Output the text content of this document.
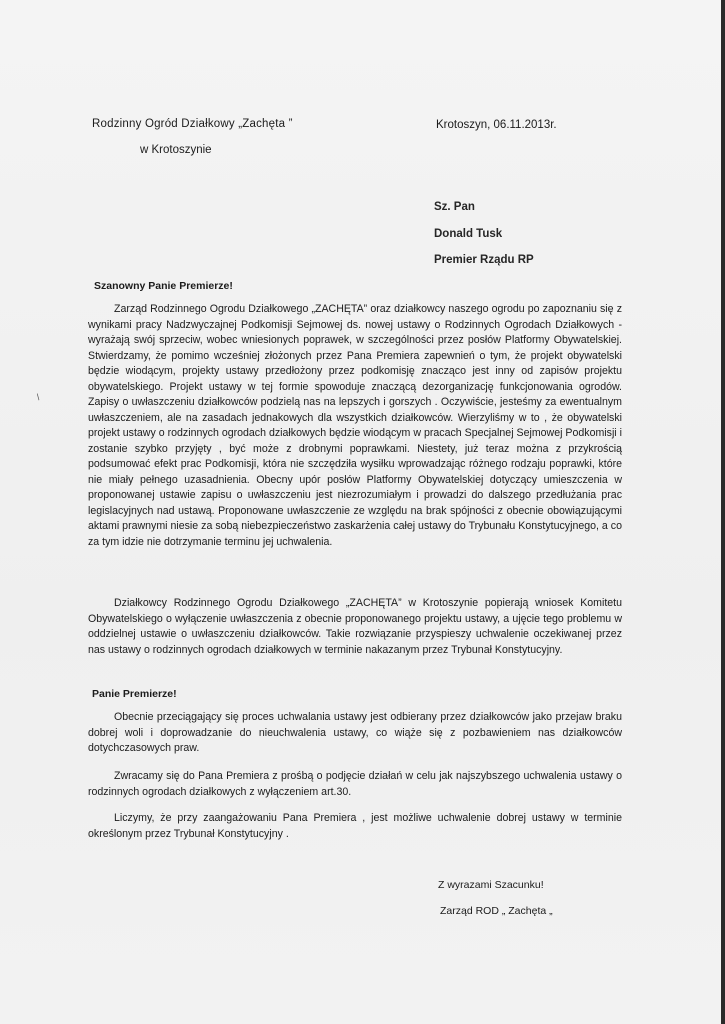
Rodzinny Ogród Działkowy „Zachęta ”
w Krotoszynie
Krotoszyn, 06.11.2013r.
Sz. Pan
Donald Tusk
Premier Rządu RP
Szanowny Panie Premierze!
Zarząd Rodzinnego Ogrodu Działkowego „ZACHĘTA” oraz działkowcy naszego ogrodu po zapoznaniu się z wynikami pracy Nadzwyczajnej Podkomisji Sejmowej ds. nowej ustawy o Rodzinnych Ogrodach Działkowych - wyrażają swój sprzeciw, wobec wniesionych poprawek, w szczególności przez posłów Platformy Obywatelskiej. Stwierdzamy, że pomimo wcześniej złożonych przez Pana Premiera zapewnień o tym, że projekt obywatelski będzie wiodącym, projekty ustawy przedłożony przez podkomisję znacząco jest inny od zapisów projektu obywatelskiego. Projekt ustawy w tej formie spowoduje znaczącą dezorganizację funkcjonowania ogrodów. Zapisy o uwłaszczeniu działkowców podzielą nas na lepszych i gorszych . Oczywiście, jesteśmy za ewentualnym uwłaszczeniem, ale na zasadach jednakowych dla wszystkich działkowców. Wierzyliśmy w to , że obywatelski projekt ustawy o rodzinnych ogrodach działkowych będzie wiodącym w pracach Specjalnej Sejmowej Podkomisji i zostanie szybko przyjęty , być może z drobnymi poprawkami. Niestety, już teraz można z przykrością podsumować efekt prac Podkomisji, która nie szczędziła wysiłku wprowadzając różnego rodzaju poprawki, które nie miały pełnego uzasadnienia. Obecny upór posłów Platformy Obywatelskiej dotyczący umieszczenia w proponowanej ustawie zapisu o uwłaszczeniu jest niezrozumiałym i prowadzi do dalszego przedłużania prac legislacyjnych nad ustawą. Proponowane uwłaszczenie ze względu na brak spójności z obecnie obowiązującymi aktami prawnymi niesie za sobą niebezpieczeństwo zaskarżenia całej ustawy do Trybunału Konstytucyjnego, a co za tym idzie nie dotrzymanie terminu jej uchwalenia.
Działkowcy Rodzinnego Ogrodu Działkowego „ZACHĘTA” w Krotoszynie popierają wniosek Komitetu Obywatelskiego o wyłączenie uwłaszczenia z obecnie proponowanego projektu ustawy, a ujęcie tego problemu w oddzielnej ustawie o uwłaszczeniu działkowców. Takie rozwiązanie przyspieszy uchwalenie oczekiwanej przez nas ustawy o rodzinnych ogrodach działkowych w terminie nakazanym przez Trybunał Konstytucyjny.
Panie Premierze!
Obecnie przeciągający się proces uchwalania ustawy jest odbierany przez działkowców jako przejaw braku dobrej woli i doprowadzanie do nieuchwalenia ustawy, co wiąże się z pozbawieniem nas działkowców dotychczasowych praw.
Zwracamy się do Pana Premiera z prośbą o podjęcie działań w celu jak najszybszego uchwalenia ustawy o rodzinnych ogrodach działkowych z wyłączeniem art.30.
Liczymy, że przy zaangażowaniu Pana Premiera , jest możliwe uchwalenie dobrej ustawy w terminie określonym przez Trybunał Konstytucyjny .
Z wyrazami Szacunku!
Zarząd ROD „ Zachęta „
/
